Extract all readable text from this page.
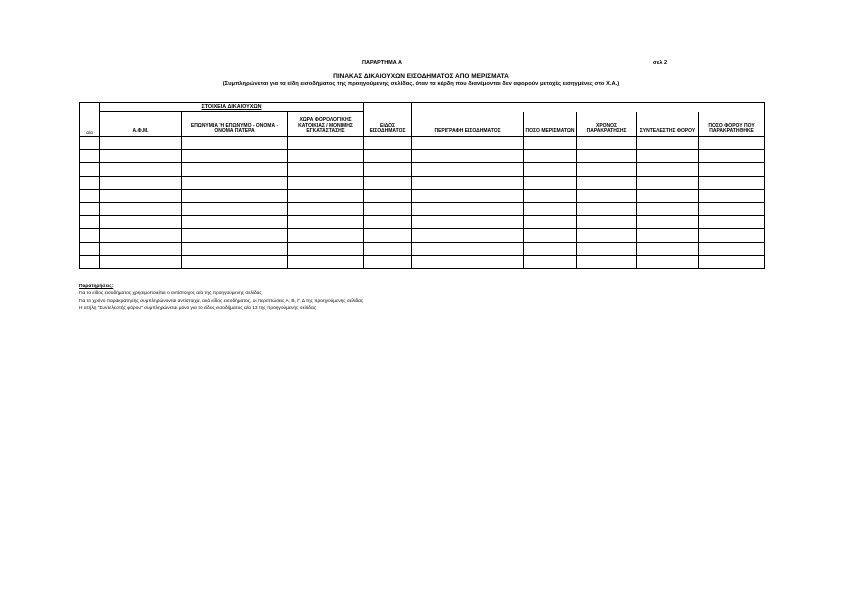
ΠΑΡΑΡΤΗΜΑ Α	σελ 2
ΠΙΝΑΚΑΣ ΔΙΚΑΙΟΥΧΩΝ ΕΙΣΟΔΗΜΑΤΟΣ ΑΠΟ ΜΕΡΙΣΜΑΤΑ
(Συμπληρώνεται για τα είδη εισοδήματος της προηγούμενης σελίδας, όταν τα κέρδη που διανέμονται δεν αφορούν μετοχές εισηγμένες στο Χ.Α.)
	ΣΤΟΙΧΕΙΑ ΔΙΚΑΙΟΥΧΩΝ								
α/α	Α.Φ.Μ.	ΕΠΩΝΥΜΙΑ 'Η ΕΠΩΝΥΜΟ - ΟΝΟΜΑ - ΟΝΟΜΑ ΠΑΤΕΡΑ	ΧΩΡΑ ΦΟΡΟΛΟΓΙΚΗΣ ΚΑΤΟΙΚΙΑΣ / ΜΟΝΙΜΗΣ ΕΓΚΑΤΑΣΤΑΣΗΣ	ΕΙΔΟΣ ΕΙΣΟΔΗΜΑΤΟΣ	ΠΕΡΙΓΡΑΦΗ ΕΙΣΟΔΗΜΑΤΟΣ	ΠΟΣΟ ΜΕΡΙΣΜΑΤΩΝ	ΧΡΟΝΟΣ ΠΑΡΑΚΡΑΤΗΣΗΣ	ΣΥΝΤΕΛΕΣΤΗΣ ΦΟΡΟΥ	ΠΟΣΟ ΦΟΡΟΥ ΠΟΥ ΠΑΡΑΚΡΑΤΗΘΗΚΕ

Παρατηρήσεις:
Για το είδος εισοδήματος χρησιμοποιείται ο αντίστοιχος α/α της προηγούμενης σελίδας
Για το χρόνο παρακράτησης συμπληρώνονται αντίστοιχα, ανά είδος εισοδήματος, οι περιπτώσεις Α, Β, Γ, Δ της προηγούμενης σελίδας
Η στήλη "Συντελεστής φόρου" συμπληρώνεται μόνο για το είδος εισοδήματος α/α 13 της προηγούμενης σελίδας
